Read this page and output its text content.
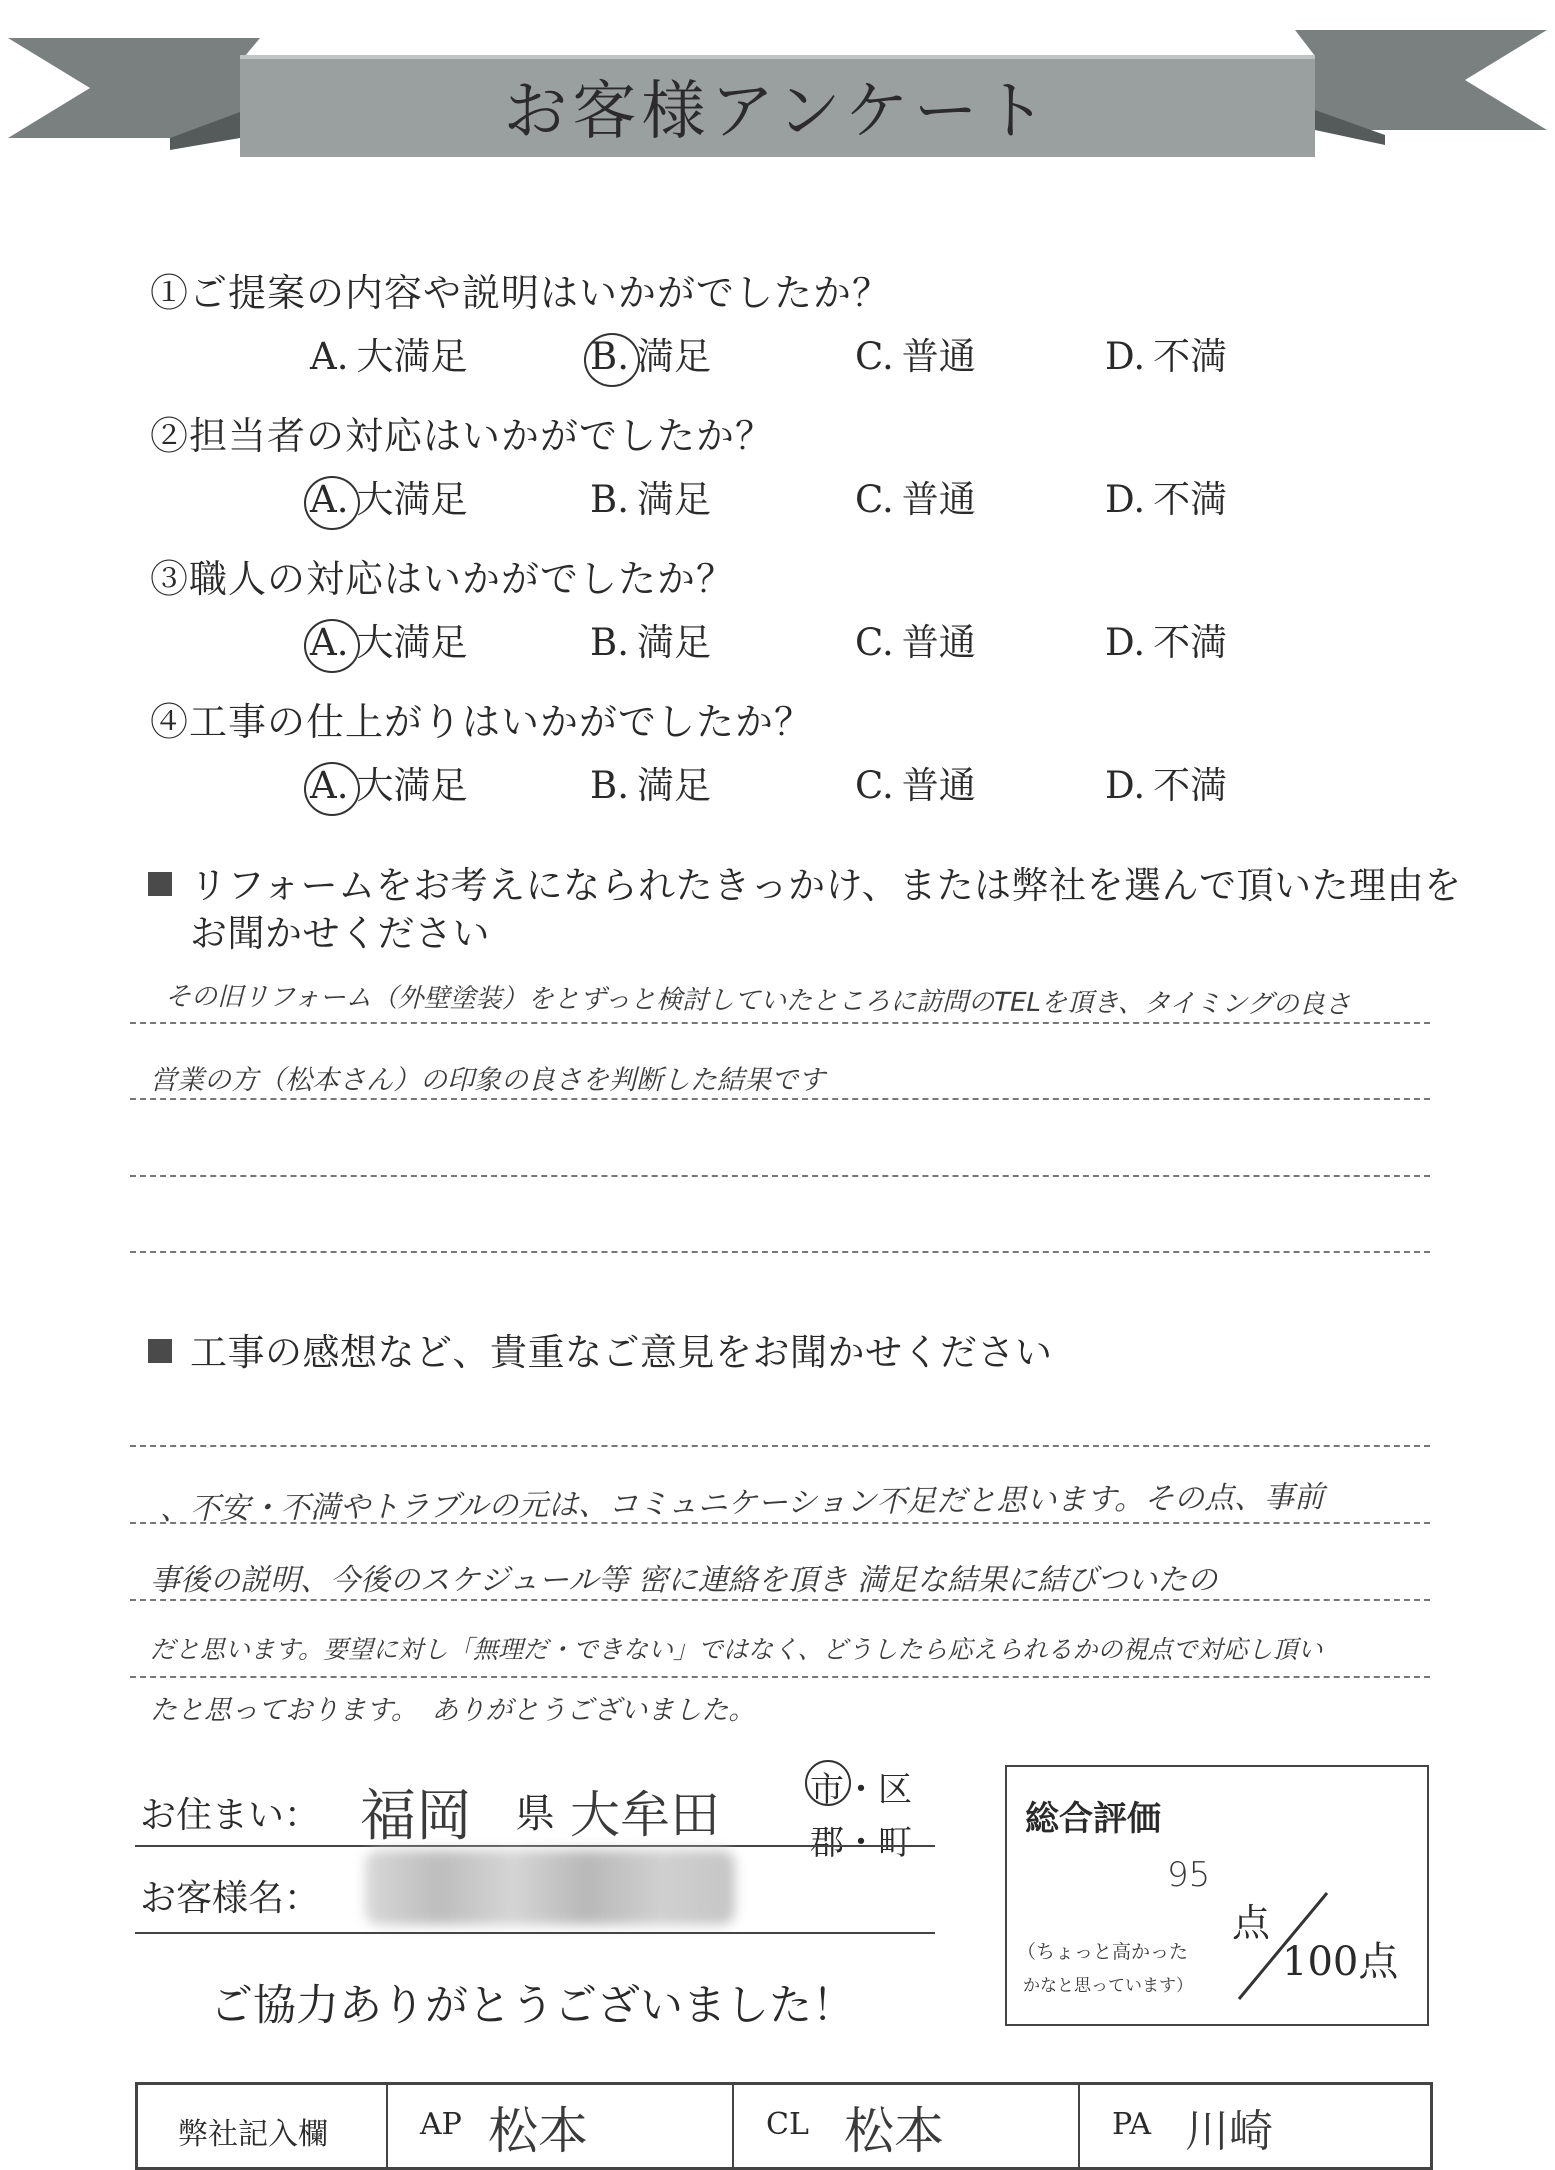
お客様アンケート
①ご提案の内容や説明はいかがでしたか？
A. 大満足	B. 満足	C. 普通	D. 不満
②担当者の対応はいかがでしたか？
A. 大満足	B. 満足	C. 普通	D. 不満
③職人の対応はいかがでしたか？
A. 大満足	B. 満足	C. 普通	D. 不満
④工事の仕上がりはいかがでしたか？
A. 大満足	B. 満足	C. 普通	D. 不満
リフォームをお考えになられたきっかけ、または弊社を選んで頂いた理由を
お聞かせください
その旧リフォーム（外壁塗装）をとずっと検討していたところに訪問のTELを頂き、タイミングの良さ
営業の方（松本さん）の印象の良さを判断した結果です
工事の感想など、貴重なご意見をお聞かせください
、不安・不満やトラブルの元は、コミュニケーション不足だと思います。その点、事前
事後の説明、今後のスケジュール等 密に連絡を頂き 満足な結果に結びついたの
だと思います。要望に対し「無理だ・できない」ではなく、どうしたら応えられるかの視点で対応し頂い
たと思っております。　ありがとうございました。
お住まい： 福岡 県 大牟田	市
・区
郡・町
お客様名：
ご協力ありがとうございました！
総合評価
95
点
100点
（ちょっと高かった
かなと思っています）
弊社記入欄	AP 松本	CL 松本	PA 川崎
